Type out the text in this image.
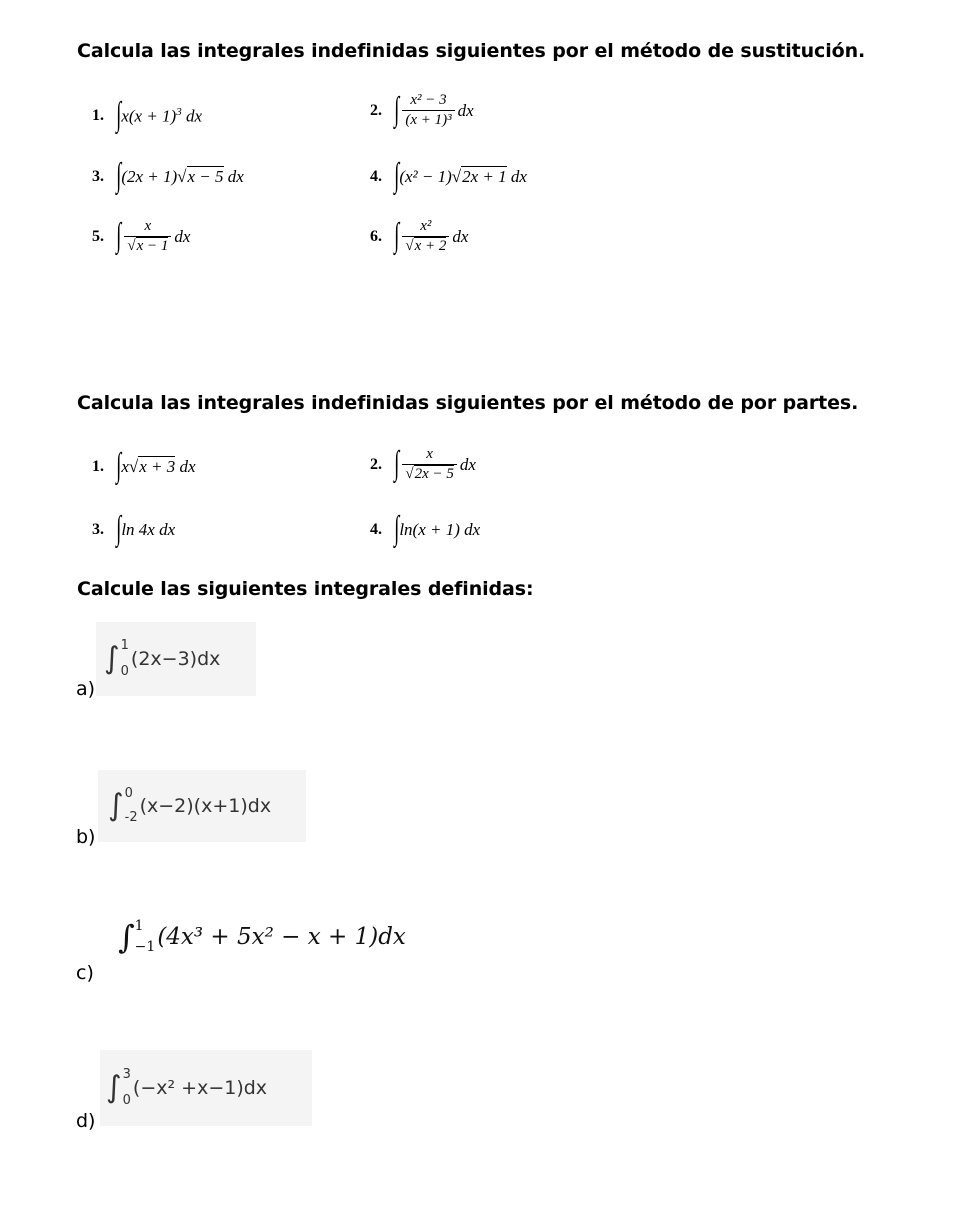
Calcula las integrales indefinidas siguientes por el método de sustitución.
1. ∫ $x(x + 1)^3$ dx	2. ∫ $\frac{\text{x² − 3}}{\text{(x + 1)³}}$ dx
3. ∫ (2x + 1)√x − 5 dx	4. ∫ (x² − 1)√2x + 1 dx
5. ∫ $\frac{x}{√x - 1}$ dx	6. ∫ $\frac{\text{x²}}{√x + 2}$ dx
Calcula las integrales indefinidas siguientes por el método de por partes.
1. ∫ x√x + 3 dx	2. ∫ $\frac{x}{√2x - 5}$ dx
3. ∫ ln 4x dx	4. ∫ ln(x + 1) dx
Calcule las siguientes integrales definidas:
∫ 1
0
(2x−3)dx
a)
∫ 0
-2
(x−2)(x+1)dx
b)
∫ 1
−1 (4x³ + 5x² − x + 1)dx
c)
∫ 3
0
(−x² +x−1)dx
d)
